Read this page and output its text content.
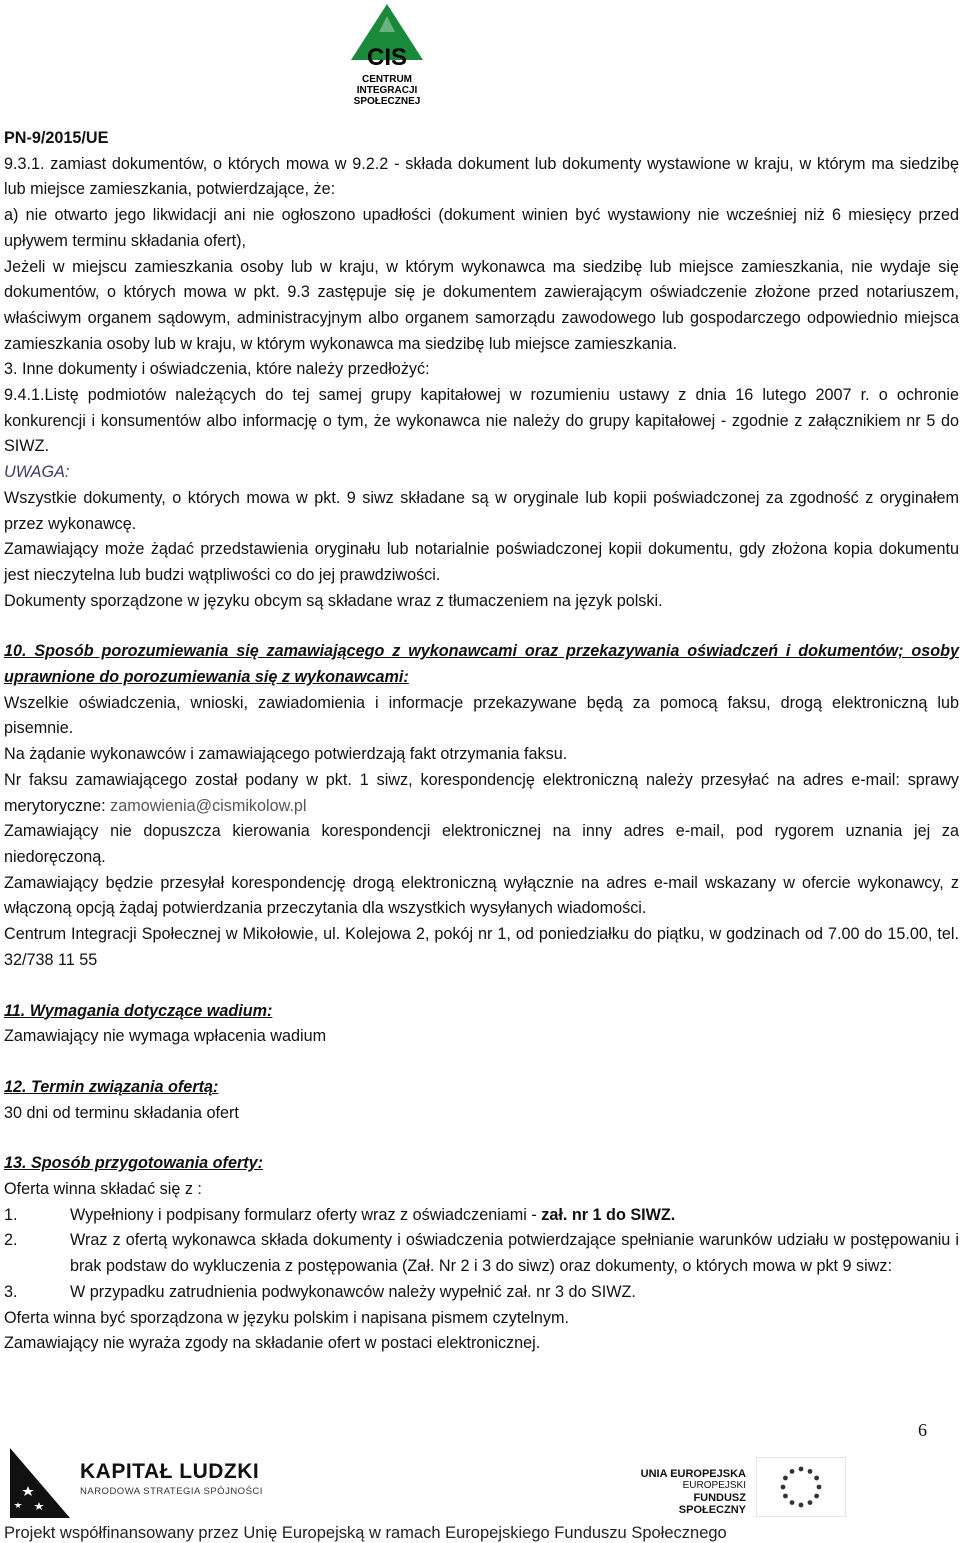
CIS
CENTRUM
INTEGRACJI
SPOŁECZNEJ

PN-9/2015/UE

9.3.1. zamiast dokumentów, o których mowa w 9.2.2 - składa dokument lub dokumenty wystawione w kraju, w którym ma siedzibę lub miejsce zamieszkania, potwierdzające, że:

a) nie otwarto jego likwidacji ani nie ogłoszono upadłości (dokument winien być wystawiony nie wcześniej niż 6 miesięcy przed upływem terminu składania ofert),

Jeżeli w miejscu zamieszkania osoby lub w kraju, w którym wykonawca ma siedzibę lub miejsce zamieszkania, nie wydaje się dokumentów, o których mowa w pkt. 9.3 zastępuje się je dokumentem zawierającym oświadczenie złożone przed notariuszem, właściwym organem sądowym, administracyjnym albo organem samorządu zawodowego lub gospodarczego odpowiednio miejsca zamieszkania osoby lub w kraju, w którym wykonawca ma siedzibę lub miejsce zamieszkania.

3. Inne dokumenty i oświadczenia, które należy przedłożyć:

9.4.1.Listę podmiotów należących do tej samej grupy kapitałowej w rozumieniu ustawy z dnia 16 lutego 2007 r. o ochronie konkurencji i konsumentów albo informację o tym, że wykonawca nie należy do grupy kapitałowej - zgodnie z załącznikiem nr 5 do SIWZ.

UWAGA:

Wszystkie dokumenty, o których mowa w pkt. 9 siwz składane są w oryginale lub kopii poświadczonej za zgodność z oryginałem przez wykonawcę.

Zamawiający może żądać przedstawienia oryginału lub notarialnie poświadczonej kopii dokumentu, gdy złożona kopia dokumentu jest nieczytelna lub budzi wątpliwości co do jej prawdziwości.

Dokumenty sporządzone w języku obcym są składane wraz z tłumaczeniem na język polski.

10. Sposób porozumiewania się zamawiającego z wykonawcami oraz przekazywania oświadczeń i dokumentów; osoby uprawnione do porozumiewania się z wykonawcami:

Wszelkie oświadczenia, wnioski, zawiadomienia i informacje przekazywane będą za pomocą faksu, drogą elektroniczną lub pisemnie.

Na żądanie wykonawców i zamawiającego potwierdzają fakt otrzymania faksu.

Nr faksu zamawiającego został podany w pkt. 1 siwz, korespondencję elektroniczną należy przesyłać na adres e-mail: sprawy merytoryczne: zamowienia@cismikolow.pl

Zamawiający nie dopuszcza kierowania korespondencji elektronicznej na inny adres e-mail, pod rygorem uznania jej za niedoręczoną.

Zamawiający będzie przesyłał korespondencję drogą elektroniczną wyłącznie na adres e-mail wskazany w ofercie wykonawcy, z włączoną opcją żądaj potwierdzania przeczytania dla wszystkich wysyłanych wiadomości.

Centrum Integracji Społecznej w Mikołowie, ul. Kolejowa 2, pokój nr 1, od poniedziałku do piątku, w godzinach od 7.00 do 15.00, tel. 32/738 11 55

11. Wymagania dotyczące wadium:

Zamawiający nie wymaga wpłacenia wadium

12. Termin związania ofertą:

30 dni od terminu składania ofert

13. Sposób przygotowania oferty:

Oferta winna składać się z :

1.	Wypełniony i podpisany formularz oferty wraz z oświadczeniami - zał. nr 1 do SIWZ.
2.	Wraz z ofertą wykonawca składa dokumenty i oświadczenia potwierdzające spełnianie warunków udziału w postępowaniu i brak podstaw do wykluczenia z postępowania (Zał. Nr 2 i 3 do siwz) oraz dokumenty, o których mowa w pkt 9 siwz:
3.	W przypadku zatrudnienia podwykonawców należy wypełnić zał. nr 3 do SIWZ.

Oferta winna być sporządzona w języku polskim i napisana pismem czytelnym.

Zamawiający nie wyraża zgody na składanie ofert w postaci elektronicznej.

6
KAPITAŁ LUDZKI
NARODOWA STRATEGIA SPÓJNOŚCI
UNIA EUROPEJSKA
EUROPEJSKI
FUNDUSZ SPOŁECZNY
Projekt współfinansowany przez Unię Europejską w ramach Europejskiego Funduszu Społecznego
